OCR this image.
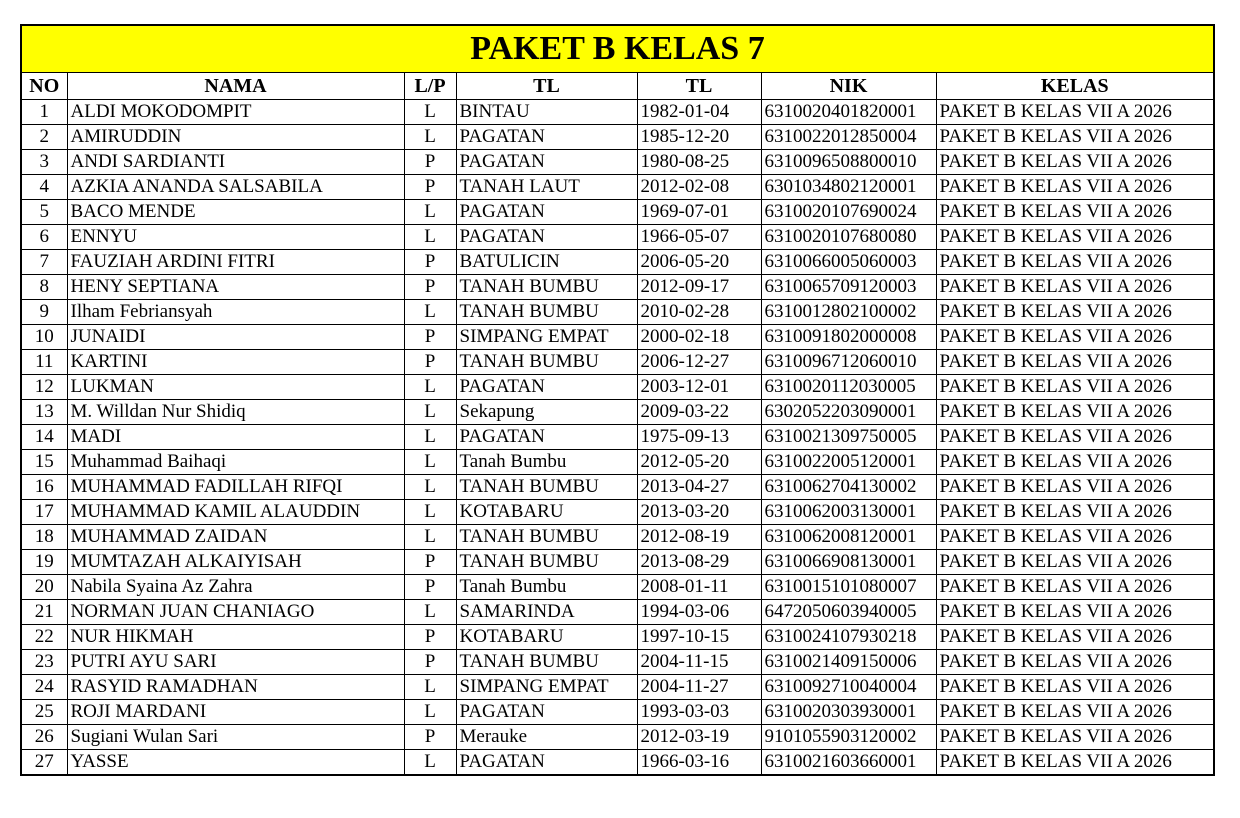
PAKET B KELAS 7						
NO	NAMA	L/P	TL	TL	NIK	KELAS
1	ALDI MOKODOMPIT	L	BINTAU	1982-01-04	6310020401820001	PAKET B KELAS VII A 2026
2	AMIRUDDIN	L	PAGATAN	1985-12-20	6310022012850004	PAKET B KELAS VII A 2026
3	ANDI SARDIANTI	P	PAGATAN	1980-08-25	6310096508800010	PAKET B KELAS VII A 2026
4	AZKIA ANANDA SALSABILA	P	TANAH LAUT	2012-02-08	6301034802120001	PAKET B KELAS VII A 2026
5	BACO MENDE	L	PAGATAN	1969-07-01	6310020107690024	PAKET B KELAS VII A 2026
6	ENNYU	L	PAGATAN	1966-05-07	6310020107680080	PAKET B KELAS VII A 2026
7	FAUZIAH ARDINI FITRI	P	BATULICIN	2006-05-20	6310066005060003	PAKET B KELAS VII A 2026
8	HENY SEPTIANA	P	TANAH BUMBU	2012-09-17	6310065709120003	PAKET B KELAS VII A 2026
9	Ilham Febriansyah	L	TANAH BUMBU	2010-02-28	6310012802100002	PAKET B KELAS VII A 2026
10	JUNAIDI	P	SIMPANG EMPAT	2000-02-18	6310091802000008	PAKET B KELAS VII A 2026
11	KARTINI	P	TANAH BUMBU	2006-12-27	6310096712060010	PAKET B KELAS VII A 2026
12	LUKMAN	L	PAGATAN	2003-12-01	6310020112030005	PAKET B KELAS VII A 2026
13	M. Willdan Nur Shidiq	L	Sekapung	2009-03-22	6302052203090001	PAKET B KELAS VII A 2026
14	MADI	L	PAGATAN	1975-09-13	6310021309750005	PAKET B KELAS VII A 2026
15	Muhammad Baihaqi	L	Tanah Bumbu	2012-05-20	6310022005120001	PAKET B KELAS VII A 2026
16	MUHAMMAD FADILLAH RIFQI	L	TANAH BUMBU	2013-04-27	6310062704130002	PAKET B KELAS VII A 2026
17	MUHAMMAD KAMIL ALAUDDIN	L	KOTABARU	2013-03-20	6310062003130001	PAKET B KELAS VII A 2026
18	MUHAMMAD ZAIDAN	L	TANAH BUMBU	2012-08-19	6310062008120001	PAKET B KELAS VII A 2026
19	MUMTAZAH ALKAIYISAH	P	TANAH BUMBU	2013-08-29	6310066908130001	PAKET B KELAS VII A 2026
20	Nabila Syaina Az Zahra	P	Tanah Bumbu	2008-01-11	6310015101080007	PAKET B KELAS VII A 2026
21	NORMAN JUAN CHANIAGO	L	SAMARINDA	1994-03-06	6472050603940005	PAKET B KELAS VII A 2026
22	NUR HIKMAH	P	KOTABARU	1997-10-15	6310024107930218	PAKET B KELAS VII A 2026
23	PUTRI AYU SARI	P	TANAH BUMBU	2004-11-15	6310021409150006	PAKET B KELAS VII A 2026
24	RASYID RAMADHAN	L	SIMPANG EMPAT	2004-11-27	6310092710040004	PAKET B KELAS VII A 2026
25	ROJI MARDANI	L	PAGATAN	1993-03-03	6310020303930001	PAKET B KELAS VII A 2026
26	Sugiani Wulan Sari	P	Merauke	2012-03-19	9101055903120002	PAKET B KELAS VII A 2026
27	YASSE	L	PAGATAN	1966-03-16	6310021603660001	PAKET B KELAS VII A 2026
